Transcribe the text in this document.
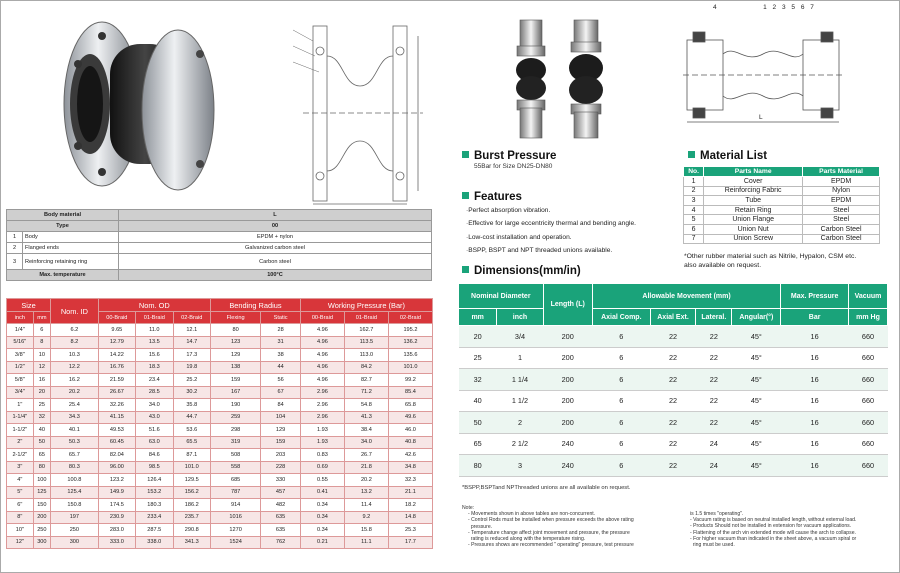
4	1 2 3 5 6 7
L
Body material		L
Type		00
1	Body	EPDM + nylon
2	Flanged ends	Galvanized carbon steel
3	Reinforcing retaining ring	Carbon steel
Max. temperature		100°C
Size		Nom. ID	Nom. OD			Bending Radius		Working Pressure (Bar)		
inch	mm		00-Braid	01-Braid	02-Braid	Flexing	Static	00-Braid	01-Braid	02-Braid
1/4"	6	6.2	9.65	11.0	12.1	80	28	4.96	162.7	195.2
5/16"	8	8.2	12.79	13.5	14.7	123	31	4.96	113.5	136.2
3/8"	10	10.3	14.22	15.6	17.3	129	38	4.96	113.0	135.6
1/2"	12	12.2	16.76	18.3	19.8	138	44	4.96	84.2	101.0
5/8"	16	16.2	21.59	23.4	25.2	159	56	4.96	82.7	99.2
3/4"	20	20.2	26.67	28.5	30.2	167	67	2.96	71.2	85.4
1"	25	25.4	32.26	34.0	35.8	190	84	2.96	54.8	65.8
1-1/4"	32	34.3	41.15	43.0	44.7	259	104	2.96	41.3	49.6
1-1/2"	40	40.1	49.53	51.6	53.6	298	129	1.93	38.4	46.0
2"	50	50.3	60.45	63.0	65.5	319	159	1.93	34.0	40.8
2-1/2"	65	65.7	82.04	84.6	87.1	508	203	0.83	26.7	42.6
3"	80	80.3	96.00	98.5	101.0	558	228	0.69	21.8	34.8
4"	100	100.8	123.2	126.4	129.5	685	330	0.55	20.2	32.3
5"	125	125.4	149.9	153.2	156.2	787	457	0.41	13.2	21.1
6"	150	150.8	174.5	180.3	186.2	914	482	0.34	11.4	18.2
8"	200	197	230.9	233.4	235.7	1016	635	0.34	9.2	14.8
10"	250	250	283.0	287.5	290.8	1270	635	0.34	15.8	25.3
12"	300	300	333.0	338.0	341.3	1524	762	0.21	11.1	17.7
Burst Pressure
55Bar for Size DN25-DN80
Features
·Perfect absorption vibration.
·Effective for large eccentricity thermal and bending angle.
·Low-cost installation and operation.
·BSPP, BSPT and NPT threaded unions available.
Material List
No.	Parts Name	Parts Material
1	Cover	EPDM
2	Reinforcing Fabric	Nylon
3	Tube	EPDM
4	Retain Ring	Steel
5	Union Flange	Steel
6	Union Nut	Carbon Steel
7	Union Screw	Carbon Steel
*Other rubber material such as Nitrile, Hypalon, CSM etc.
also available on request.
Dimensions(mm/in)
Nominal Diameter		Length (L)	Allowable Movement (mm)				Max. Pressure	Vacuum
mm	inch		Axial Comp.	Axial Ext.	Lateral.	Angular(°)	Bar	mm Hg
20	3/4	200	6	22	22	45°	16	660
25	1	200	6	22	22	45°	16	660
32	1 1/4	200	6	22	22	45°	16	660
40	1 1/2	200	6	22	22	45°	16	660
50	2	200	6	22	22	45°	16	660
65	2 1/2	240	6	22	24	45°	16	660
80	3	240	6	22	24	45°	16	660
*BSPP,BSPTand NPThreaded unions are all available on request.
Note:
- Movements shown in above tables are non-concurrent.
- Control Rods must be installed when pressure exceeds the above rating
pressure.
- Temperature change affect joint movement and pressure, the pressure
rating is reduced along with the temperature rising.
- Pressures shows are recommended " operating" pressure, test pressure
is 1.5 times "operating".
- Vacuum rating is based on neutral installed length, without external load.
- Products Should not be installed in extension for vacuum applications.
- Flattening of the arch vin extended mode will cause the arch to collapse.
- For higher vacuum than indicated in the sheet above, a vacuum spiral or
ring must be used.
